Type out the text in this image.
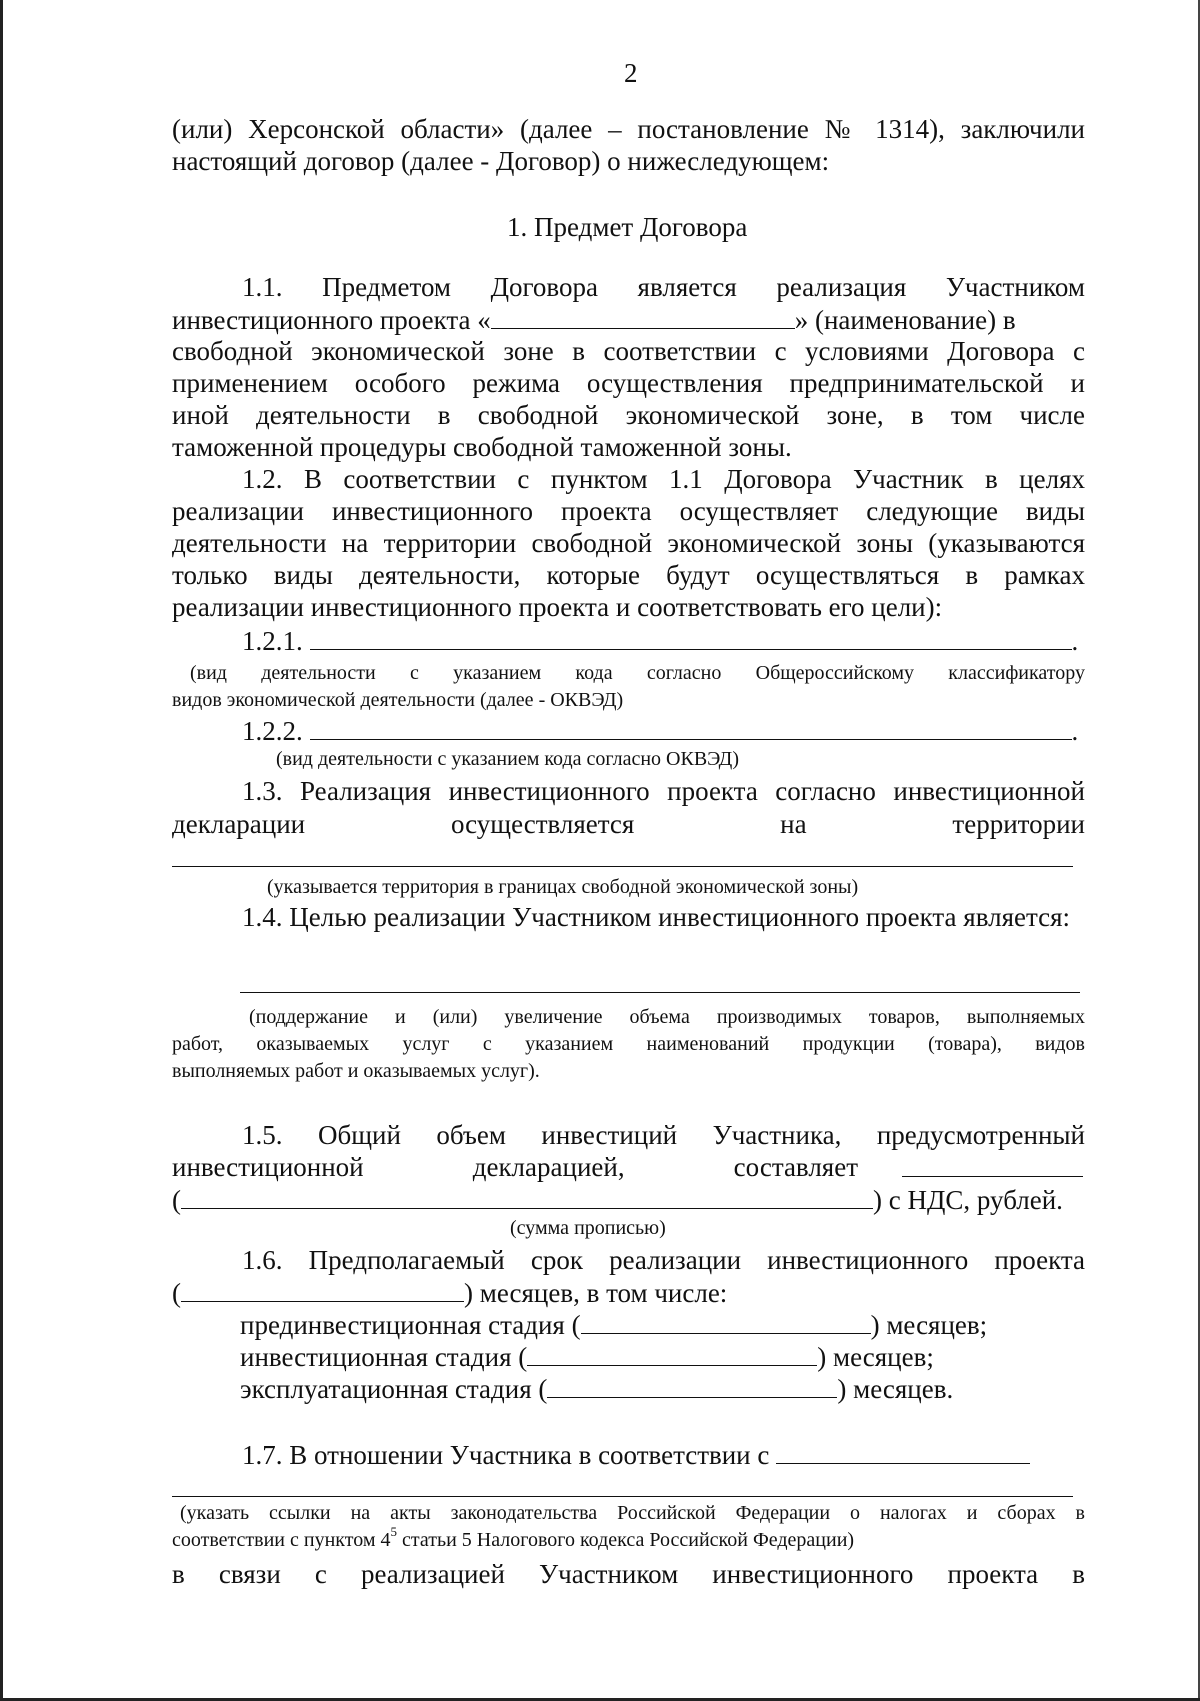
2
(или) Херсонской области» (далее – постановление № 1314), заключили
настоящий договор (далее - Договор) о нижеследующем:
1. Предмет Договора
1.1. Предметом Договора является реализация Участником
инвестиционного проекта «	» (наименование) в
свободной экономической зоне в соответствии с условиями Договора с
применением особого режима осуществления предпринимательской и
иной деятельности в свободной экономической зоне, в том числе
таможенной процедуры свободной таможенной зоны.
1.2. В соответствии с пунктом 1.1 Договора Участник в целях
реализации инвестиционного проекта осуществляет следующие виды
деятельности на территории свободной экономической зоны (указываются
только виды деятельности, которые будут осуществляться в рамках
реализации инвестиционного проекта и соответствовать его цели):
1.2.1.	.
(вид деятельности с указанием кода согласно Общероссийскому классификатору
видов экономической деятельности (далее - ОКВЭД)
1.2.2.	.
(вид деятельности с указанием кода согласно ОКВЭД)
1.3. Реализация инвестиционного проекта согласно инвестиционной
декларации осуществляется на территории
(указывается территория в границах свободной экономической зоны)
1.4. Целью реализации Участником инвестиционного проекта является:
(поддержание и (или) увеличение объема производимых товаров, выполняемых
работ, оказываемых услуг с указанием наименований продукции (товара), видов
выполняемых работ и оказываемых услуг).
1.5. Общий объем инвестиций Участника, предусмотренный
инвестиционной декларацией, составляет
(	) с НДС, рублей.
(сумма прописью)
1.6. Предполагаемый срок реализации инвестиционного проекта
(	) месяцев, в том числе:
прединвестиционная стадия (	) месяцев;
инвестиционная стадия (	) месяцев;
эксплуатационная стадия (	) месяцев.
1.7. В отношении Участника в соответствии с
(указать ссылки на акты законодательства Российской Федерации о налогах и сборах в
соответствии с пунктом $4^5$ статьи 5 Налогового кодекса Российской Федерации)
в связи с реализацией Участником инвестиционного проекта в
